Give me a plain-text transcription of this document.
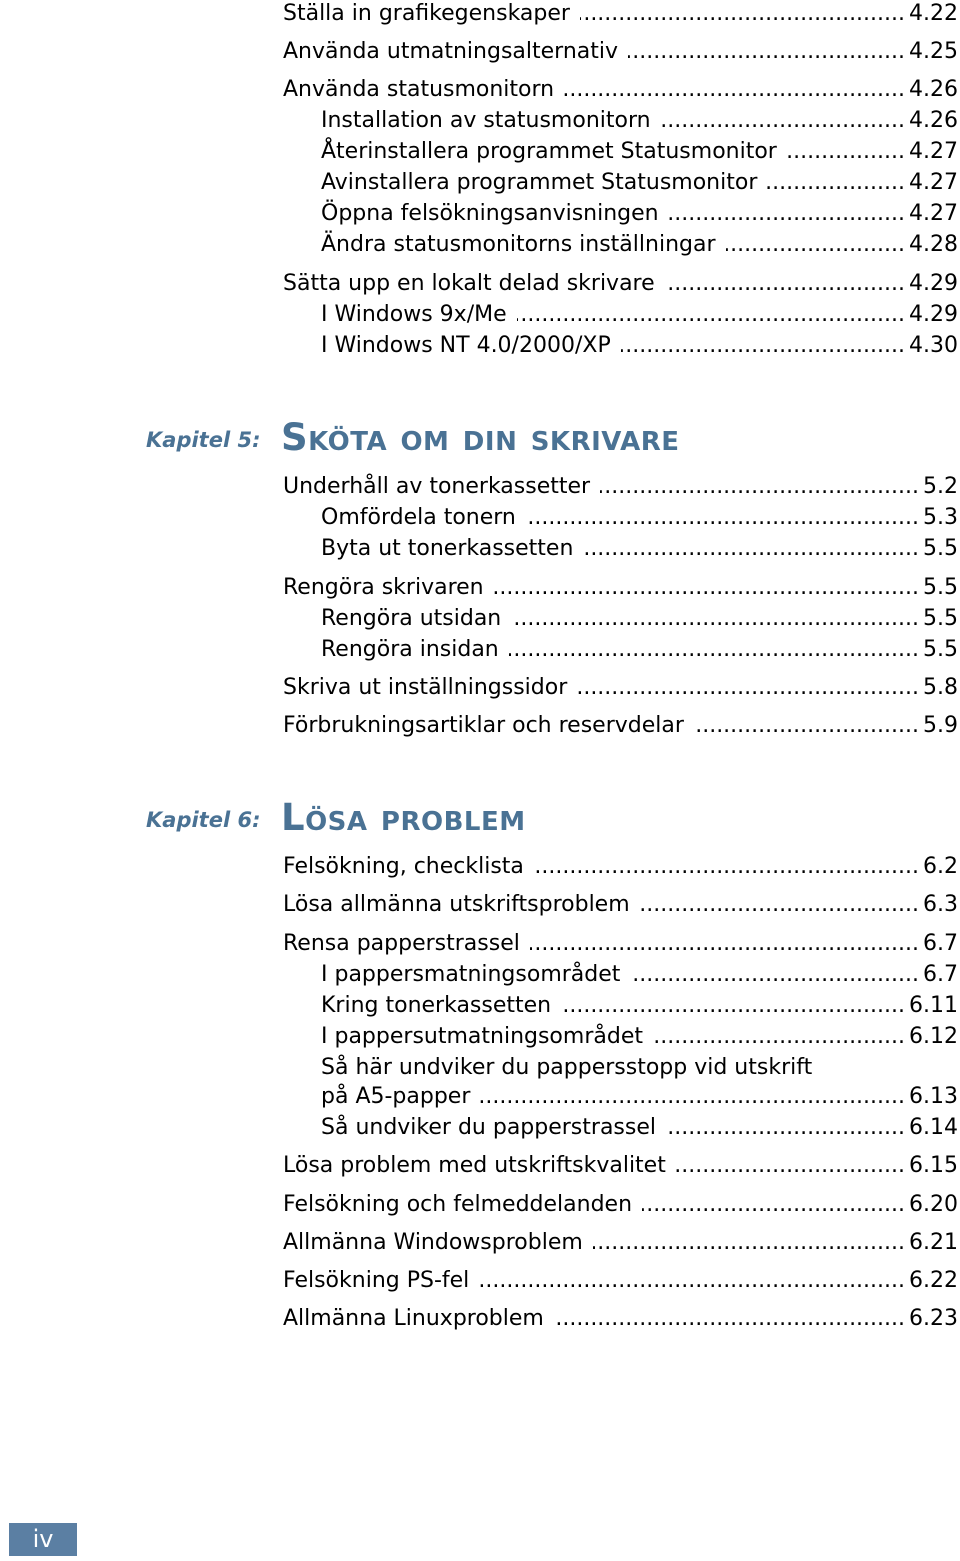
Ställa in grafikegenskaper .....	4.22
Använda utmatningsalternativ .....	4.25
Använda statusmonitorn .....	4.26
Installation av statusmonitorn .....	4.26
Återinstallera programmet Statusmonitor .....	4.27
Avinstallera programmet Statusmonitor .....	4.27
Öppna felsökningsanvisningen .....	4.27
Ändra statusmonitorns inställningar .....	4.28
Sätta upp en lokalt delad skrivare .....	4.29
I Windows 9x/Me .....	4.29
I Windows NT 4.0/2000/XP .....	4.30
Kapitel 5: Sköta om din skrivare
Underhåll av tonerkassetter .....	5.2
Omfördela tonern .....	5.3
Byta ut tonerkassetten .....	5.5
Rengöra skrivaren .....	5.5
Rengöra utsidan .....	5.5
Rengöra insidan .....	5.5
Skriva ut inställningssidor .....	5.8
Förbrukningsartiklar och reservdelar .....	5.9
Kapitel 6: Lösa problem
Felsökning, checklista .....	6.2
Lösa allmänna utskriftsproblem .....	6.3
Rensa papperstrassel .....	6.7
I pappersmatningsområdet .....	6.7
Kring tonerkassetten .....	6.11
I pappersutmatningsområdet .....	6.12
Så här undviker du pappersstopp vid utskrift
på A5-papper .....	6.13
Så undviker du papperstrassel .....	6.14
Lösa problem med utskriftskvalitet .....	6.15
Felsökning och felmeddelanden .....	6.20
Allmänna Windowsproblem .....	6.21
Felsökning PS-fel .....	6.22
Allmänna Linuxproblem .....	6.23
iv
